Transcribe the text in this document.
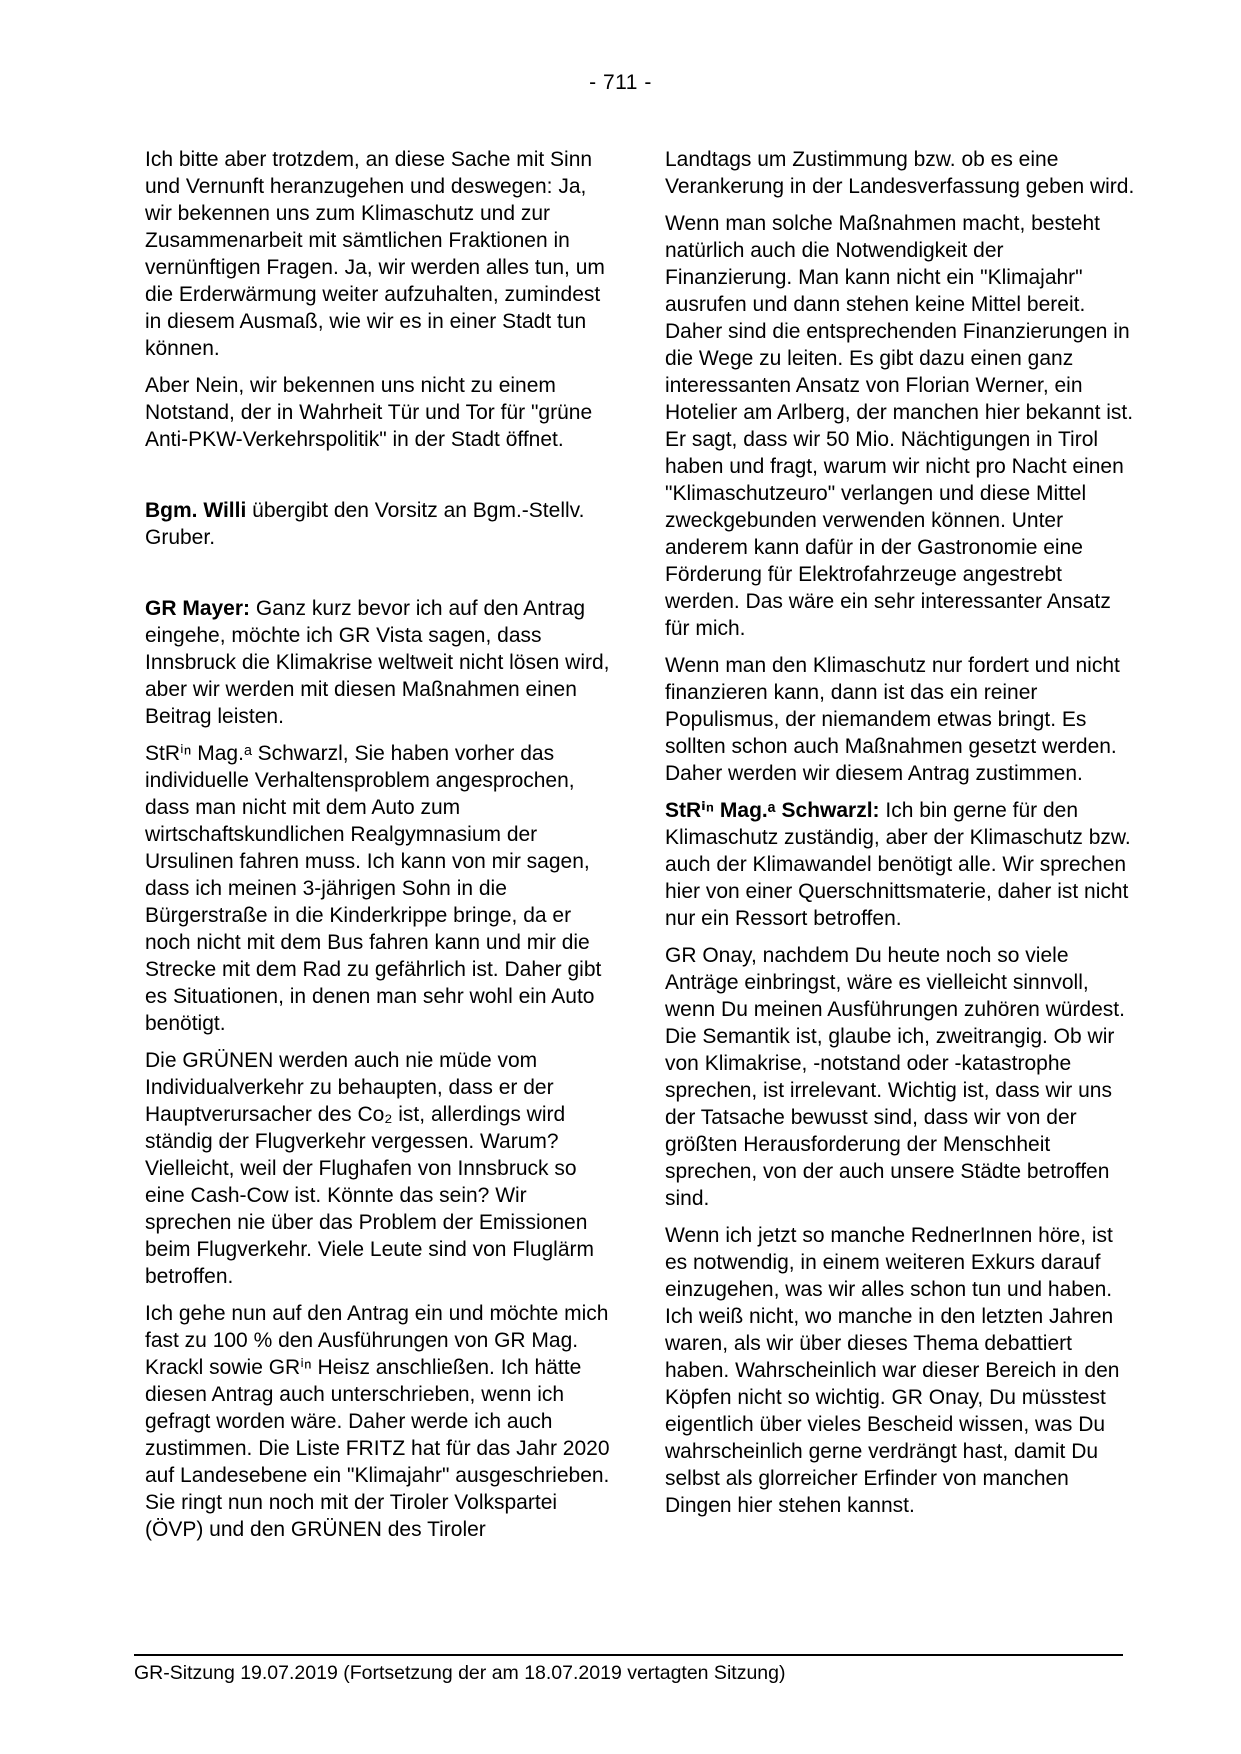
- 711 -

Ich bitte aber trotzdem, an diese Sache mit Sinn und Vernunft heranzugehen und deswegen: Ja, wir bekennen uns zum Klimaschutz und zur Zusammenarbeit mit sämtlichen Fraktionen in vernünftigen Fragen. Ja, wir werden alles tun, um die Erderwärmung weiter aufzuhalten, zumindest in diesem Ausmaß, wie wir es in einer Stadt tun können.

Aber Nein, wir bekennen uns nicht zu einem Notstand, der in Wahrheit Tür und Tor für "grüne Anti-PKW-Verkehrspolitik" in der Stadt öffnet.

Bgm. Willi übergibt den Vorsitz an Bgm.-Stellv. Gruber.

GR Mayer: Ganz kurz bevor ich auf den Antrag eingehe, möchte ich GR Vista sagen, dass Innsbruck die Klimakrise weltweit nicht lösen wird, aber wir werden mit diesen Maßnahmen einen Beitrag leisten.

StRⁱⁿ Mag.ᵃ Schwarzl, Sie haben vorher das individuelle Verhaltensproblem angesprochen, dass man nicht mit dem Auto zum wirtschaftskundlichen Realgymnasium der Ursulinen fahren muss. Ich kann von mir sagen, dass ich meinen 3-jährigen Sohn in die Bürgerstraße in die Kinderkrippe bringe, da er noch nicht mit dem Bus fahren kann und mir die Strecke mit dem Rad zu gefährlich ist. Daher gibt es Situationen, in denen man sehr wohl ein Auto benötigt.

Die GRÜNEN werden auch nie müde vom Individualverkehr zu behaupten, dass er der Hauptverursacher des Co₂ ist, allerdings wird ständig der Flugverkehr vergessen. Warum? Vielleicht, weil der Flughafen von Innsbruck so eine Cash-Cow ist. Könnte das sein? Wir sprechen nie über das Problem der Emissionen beim Flugverkehr. Viele Leute sind von Fluglärm betroffen.

Ich gehe nun auf den Antrag ein und möchte mich fast zu 100 % den Ausführungen von GR Mag. Krackl sowie GRⁱⁿ Heisz anschließen. Ich hätte diesen Antrag auch unterschrieben, wenn ich gefragt worden wäre. Daher werde ich auch zustimmen. Die Liste FRITZ hat für das Jahr 2020 auf Landesebene ein "Klimajahr" ausgeschrieben. Sie ringt nun noch mit der Tiroler Volkspartei (ÖVP) und den GRÜNEN des Tiroler

Landtags um Zustimmung bzw. ob es eine Verankerung in der Landesverfassung geben wird.

Wenn man solche Maßnahmen macht, besteht natürlich auch die Notwendigkeit der Finanzierung. Man kann nicht ein "Klimajahr" ausrufen und dann stehen keine Mittel bereit. Daher sind die entsprechenden Finanzierungen in die Wege zu leiten. Es gibt dazu einen ganz interessanten Ansatz von Florian Werner, ein Hotelier am Arlberg, der manchen hier bekannt ist. Er sagt, dass wir 50 Mio. Nächtigungen in Tirol haben und fragt, warum wir nicht pro Nacht einen "Klimaschutzeuro" verlangen und diese Mittel zweckgebunden verwenden können. Unter anderem kann dafür in der Gastronomie eine Förderung für Elektrofahrzeuge angestrebt werden. Das wäre ein sehr interessanter Ansatz für mich.

Wenn man den Klimaschutz nur fordert und nicht finanzieren kann, dann ist das ein reiner Populismus, der niemandem etwas bringt. Es sollten schon auch Maßnahmen gesetzt werden. Daher werden wir diesem Antrag zustimmen.

StRⁱⁿ Mag.ᵃ Schwarzl: Ich bin gerne für den Klimaschutz zuständig, aber der Klimaschutz bzw. auch der Klimawandel benötigt alle. Wir sprechen hier von einer Querschnittsmaterie, daher ist nicht nur ein Ressort betroffen.

GR Onay, nachdem Du heute noch so viele Anträge einbringst, wäre es vielleicht sinnvoll, wenn Du meinen Ausführungen zuhören würdest. Die Semantik ist, glaube ich, zweitrangig. Ob wir von Klimakrise, -notstand oder -katastrophe sprechen, ist irrelevant. Wichtig ist, dass wir uns der Tatsache bewusst sind, dass wir von der größten Herausforderung der Menschheit sprechen, von der auch unsere Städte betroffen sind.

Wenn ich jetzt so manche RednerInnen höre, ist es notwendig, in einem weiteren Exkurs darauf einzugehen, was wir alles schon tun und haben. Ich weiß nicht, wo manche in den letzten Jahren waren, als wir über dieses Thema debattiert haben. Wahrscheinlich war dieser Bereich in den Köpfen nicht so wichtig. GR Onay, Du müsstest eigentlich über vieles Bescheid wissen, was Du wahrscheinlich gerne verdrängt hast, damit Du selbst als glorreicher Erfinder von manchen Dingen hier stehen kannst.

GR-Sitzung 19.07.2019 (Fortsetzung der am 18.07.2019 vertagten Sitzung)
